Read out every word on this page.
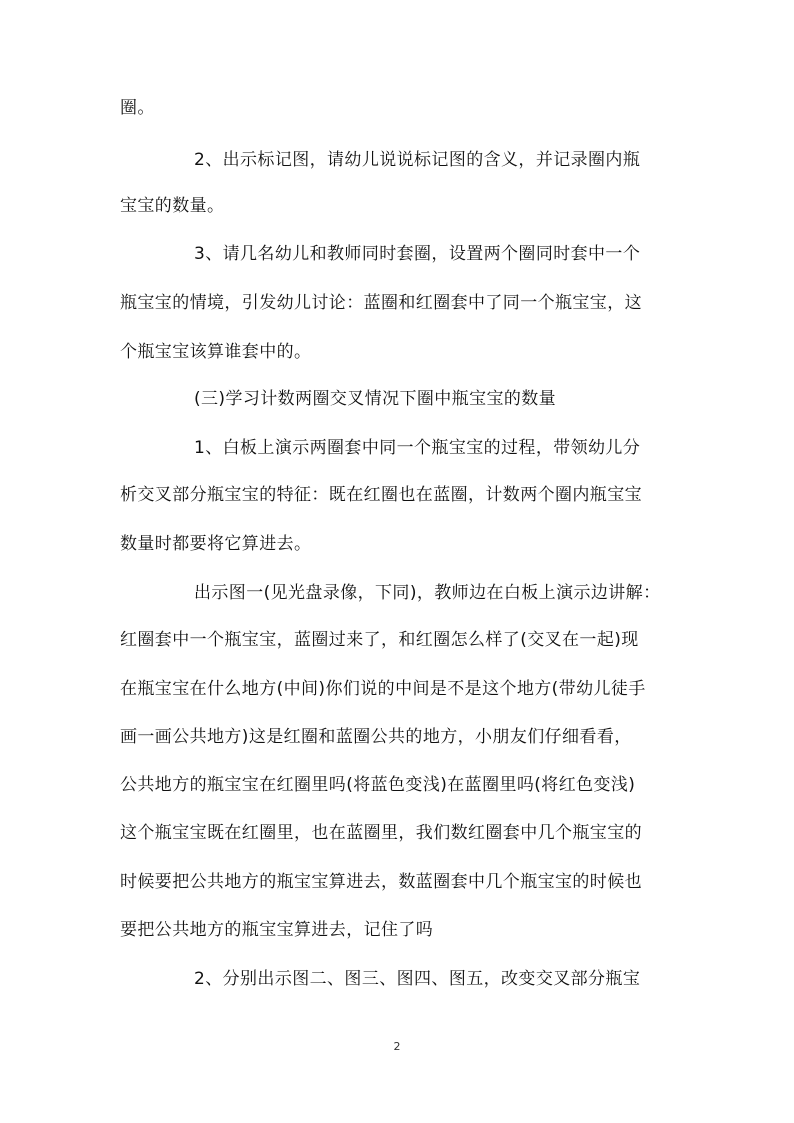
圈。
2、出示标记图，请幼儿说说标记图的含义，并记录圈内瓶
宝宝的数量。
3、请几名幼儿和教师同时套圈，设置两个圈同时套中一个
瓶宝宝的情境，引发幼儿讨论：蓝圈和红圈套中了同一个瓶宝宝，这
个瓶宝宝该算谁套中的。
(三)学习计数两圈交叉情况下圈中瓶宝宝的数量
1、白板上演示两圈套中同一个瓶宝宝的过程，带领幼儿分
析交叉部分瓶宝宝的特征：既在红圈也在蓝圈，计数两个圈内瓶宝宝
数量时都要将它算进去。
出示图一(见光盘录像，下同)，教师边在白板上演示边讲解：
红圈套中一个瓶宝宝，蓝圈过来了，和红圈怎么样了(交叉在一起)现
在瓶宝宝在什么地方(中间)你们说的中间是不是这个地方(带幼儿徒手
画一画公共地方)这是红圈和蓝圈公共的地方，小朋友们仔细看看，
公共地方的瓶宝宝在红圈里吗(将蓝色变浅)在蓝圈里吗(将红色变浅)
这个瓶宝宝既在红圈里，也在蓝圈里，我们数红圈套中几个瓶宝宝的
时候要把公共地方的瓶宝宝算进去，数蓝圈套中几个瓶宝宝的时候也
要把公共地方的瓶宝宝算进去，记住了吗
2、分别出示图二、图三、图四、图五，改变交叉部分瓶宝
2
